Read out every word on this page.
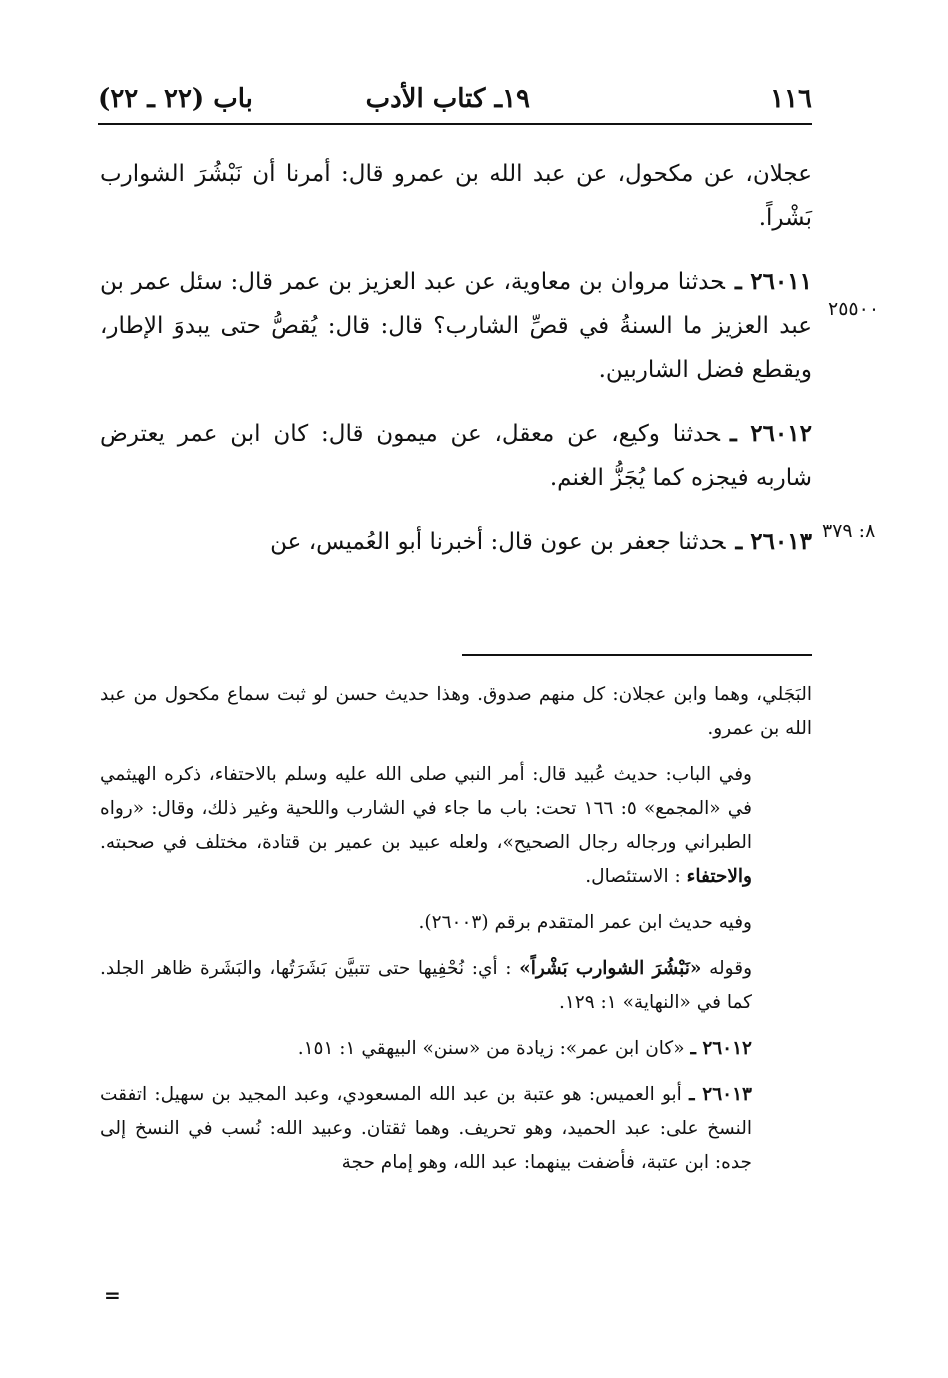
١١٦
١٩ـ كتاب الأدب
باب (٢٢ ـ ٢٢)

عجلان، عن مكحول، عن عبد الله بن عمرو قال: أمرنا أن نَبْشُرَ الشوارب بَشْراً.

٢٦٠١١ ـحدثنا مروان بن معاوية، عن عبد العزيز بن عمر قال: سئل عمر بن عبد العزيز ما السنةُ في قصِّ الشارب؟ قال: قال: يُقصُّ حتى يبدوَ الإطار، ويقطع فضل الشاربين.

٢٦٠١٢ ـحدثنا وكيع، عن معقل، عن ميمون قال: كان ابن عمر يعترض شاربه فيجزه كما يُجَزُّ الغنم.

٢٦٠١٣ ـحدثنا جعفر بن عون قال: أخبرنا أبو العُميس، عن

٢٥٥٠٠
٨: ٣٧٩

البَجَلي، وهما وابن عجلان: كل منهم صدوق. وهذا حديث حسن لو ثبت سماع مكحول من عبد الله بن عمرو.

وفي الباب: حديث عُبيد قال: أمر النبي صلى الله عليه وسلم بالاحتفاء، ذكره الهيثمي في «المجمع» ٥: ١٦٦ تحت: باب ما جاء في الشارب واللحية وغير ذلك، وقال: «رواه الطبراني ورجاله رجال الصحيح»، ولعله عبيد بن عمير بن قتادة، مختلف في صحبته. والاحتفاء : الاستئصال.

وفيه حديث ابن عمر المتقدم برقم (٢٦٠٠٣).

وقوله «نَبْشُرَ الشوارب بَشْراً» : أي: نُحْفِيها حتى تتبيَّن بَشَرَتُها، والبَشَرة ظاهر الجلد. كما في «النهاية» ١: ١٢٩.

٢٦٠١٢ ـ «كان ابن عمر»: زيادة من «سنن» البيهقي ١: ١٥١.

٢٦٠١٣ ـ أبو العميس: هو عتبة بن عبد الله المسعودي، وعبد المجيد بن سهيل: اتفقت النسخ على: عبد الحميد، وهو تحريف. وهما ثقتان. وعبيد الله: نُسب في النسخ إلى جده: ابن عتبة، فأضفت بينهما: عبد الله، وهو إمام حجة

=
